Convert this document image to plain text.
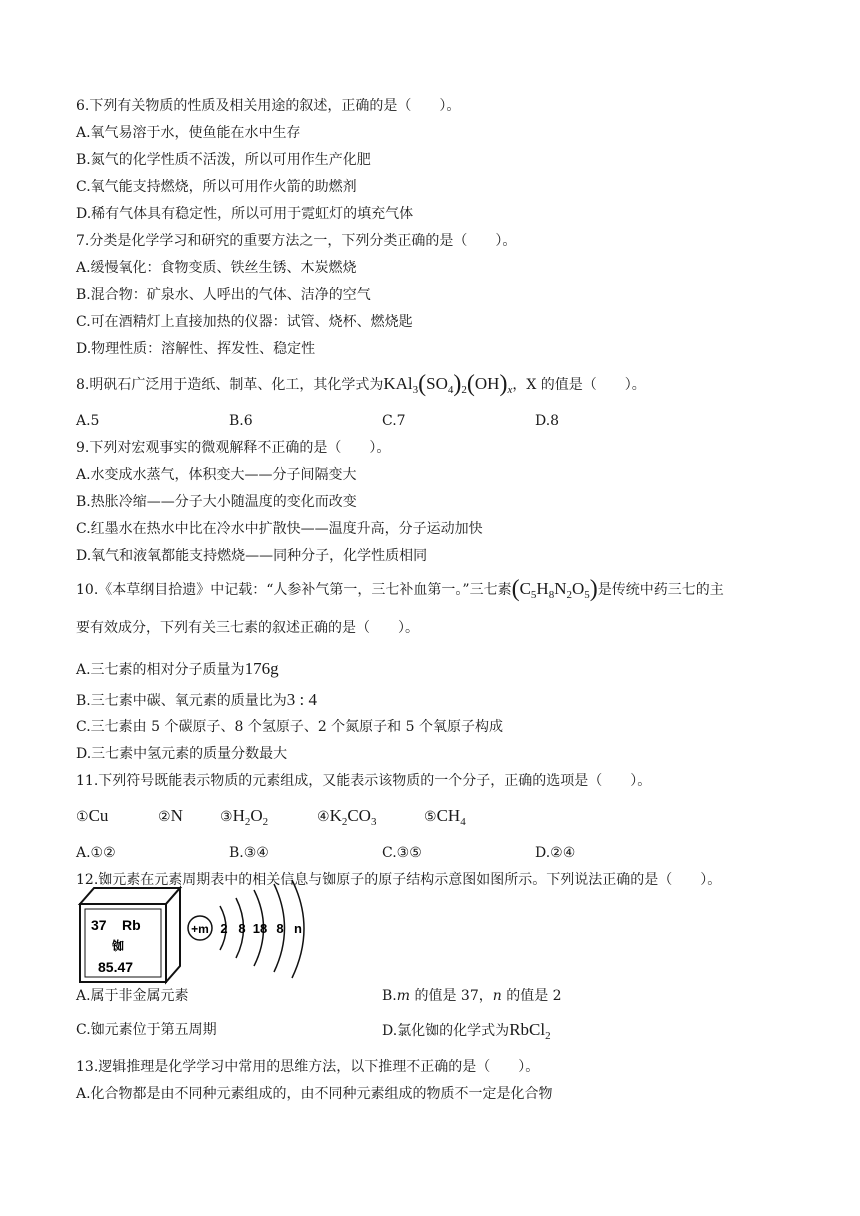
6.下列有关物质的性质及相关用途的叙述，正确的是（　　）。
A.氧气易溶于水，使鱼能在水中生存
B.氮气的化学性质不活泼，所以可用作生产化肥
C.氧气能支持燃烧，所以可用作火箭的助燃剂
D.稀有气体具有稳定性，所以可用于霓虹灯的填充气体
7.分类是化学学习和研究的重要方法之一，下列分类正确的是（　　）。
A.缓慢氧化：食物变质、铁丝生锈、木炭燃烧
B.混合物：矿泉水、人呼出的气体、洁净的空气
C.可在酒精灯上直接加热的仪器：试管、烧杯、燃烧匙
D.物理性质：溶解性、挥发性、稳定性
8.明矾石广泛用于造纸、制革、化工，其化学式为$KAl_3(SO_4)_2(OH)_x$，X 的值是（　　）。
A.5	B.6	C.7	D.8
9.下列对宏观事实的微观解释不正确的是（　　）。
A.水变成水蒸气，体积变大——分子间隔变大
B.热胀冷缩——分子大小随温度的变化而改变
C.红墨水在热水中比在冷水中扩散快——温度升高，分子运动加快
D.氧气和液氧都能支持燃烧——同种分子，化学性质相同
10.《本草纲目拾遗》中记载：“人参补气第一，三七补血第一。”三七素$(C_5H_8N_2O_5)$是传统中药三七的主
要有效成分，下列有关三七素的叙述正确的是（　　）。
A.三七素的相对分子质量为176g
B.三七素中碳、氧元素的质量比为3 : 4
C.三七素由 5 个碳原子、8 个氢原子、2 个氮原子和 5 个氧原子构成
D.三七素中氢元素的质量分数最大
11.下列符号既能表示物质的元素组成，又能表示该物质的一个分子，正确的选项是（　　）。
①Cu	②N	$③H_2O_2$	$④K_2CO_3$	$⑤CH_4$
A.①②	B.③④	C.③⑤	D.②④
12.铷元素在元素周期表中的相关信息与铷原子的原子结构示意图如图所示。下列说法正确的是（　　）。
37 Rb
铷
85.47
+m 2 8 18 8 n
A.属于非金属元素	B.m 的值是 37，n 的值是 2
C.铷元素位于第五周期	D.氯化铷的化学式为RbCl$_2$
13.逻辑推理是化学学习中常用的思维方法，以下推理不正确的是（　　）。
A.化合物都是由不同种元素组成的，由不同种元素组成的物质不一定是化合物
